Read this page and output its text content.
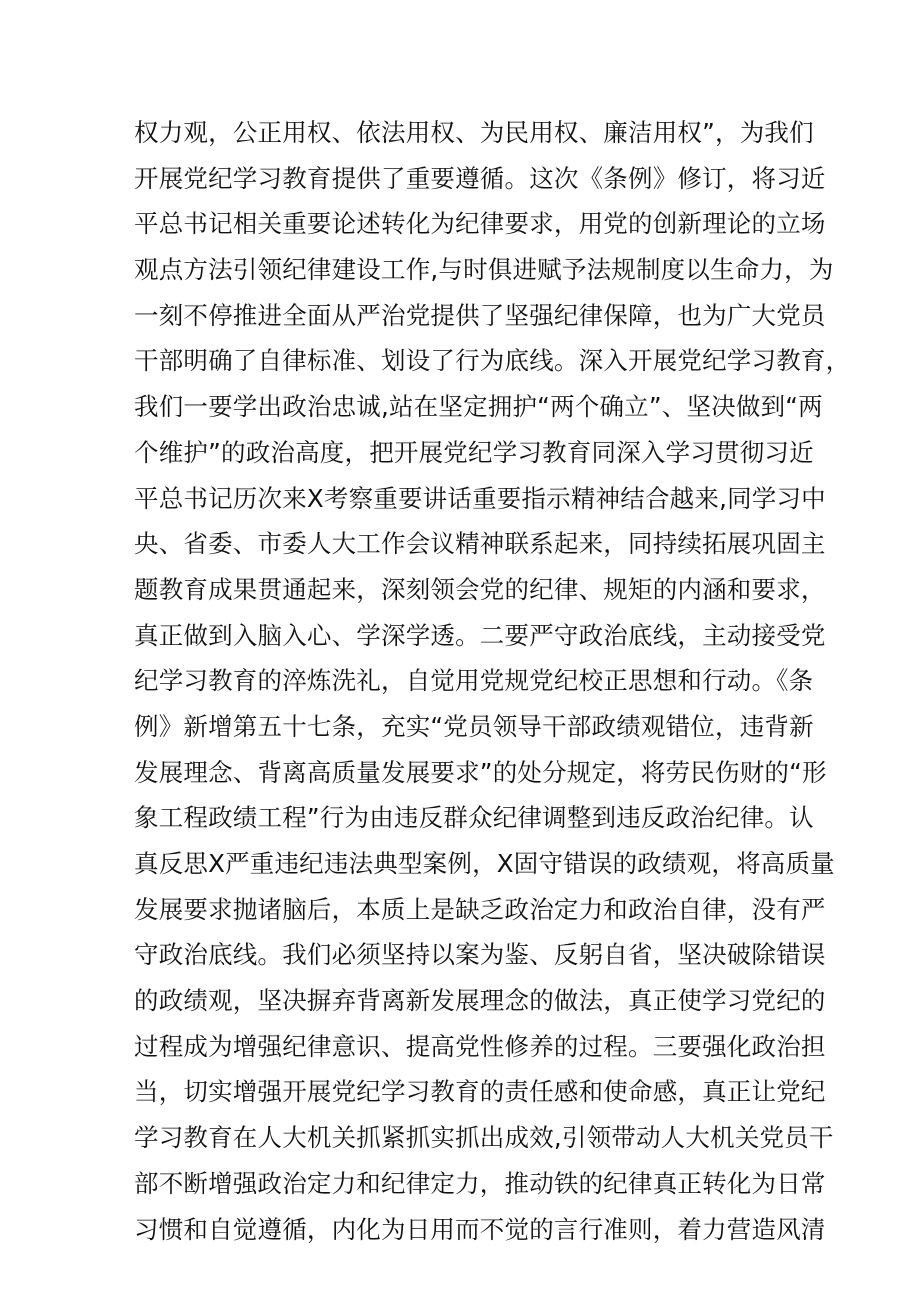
权力观，公正用权、依法用权、为民用权、廉洁用权”，为我们
开展党纪学习教育提供了重要遵循。这次《条例》修订，将习近
平总书记相关重要论述转化为纪律要求，用党的创新理论的立场
观点方法引领纪律建设工作,与时俱进赋予法规制度以生命力，为
一刻不停推进全面从严治党提供了坚强纪律保障，也为广大党员
干部明确了自律标准、划设了行为底线。深入开展党纪学习教育，
我们一要学出政治忠诚,站在坚定拥护“两个确立”、坚决做到“两
个维护”的政治高度，把开展党纪学习教育同深入学习贯彻习近
平总书记历次来X考察重要讲话重要指示精神结合越来,同学习中
央、省委、市委人大工作会议精神联系起来，同持续拓展巩固主
题教育成果贯通起来，深刻领会党的纪律、规矩的内涵和要求，
真正做到入脑入心、学深学透。二要严守政治底线，主动接受党
纪学习教育的淬炼洗礼，自觉用党规党纪校正思想和行动。《条
例》新增第五十七条，充实“党员领导干部政绩观错位，违背新
发展理念、背离高质量发展要求”的处分规定，将劳民伤财的“形
象工程政绩工程”行为由违反群众纪律调整到违反政治纪律。认
真反思X严重违纪违法典型案例，X固守错误的政绩观，将高质量
发展要求抛诸脑后，本质上是缺乏政治定力和政治自律，没有严
守政治底线。我们必须坚持以案为鉴、反躬自省，坚决破除错误
的政绩观，坚决摒弃背离新发展理念的做法，真正使学习党纪的
过程成为增强纪律意识、提高党性修养的过程。三要强化政治担
当，切实增强开展党纪学习教育的责任感和使命感，真正让党纪
学习教育在人大机关抓紧抓实抓出成效,引领带动人大机关党员干
部不断增强政治定力和纪律定力，推动铁的纪律真正转化为日常
习惯和自觉遵循，内化为日用而不觉的言行准则，着力营造风清
